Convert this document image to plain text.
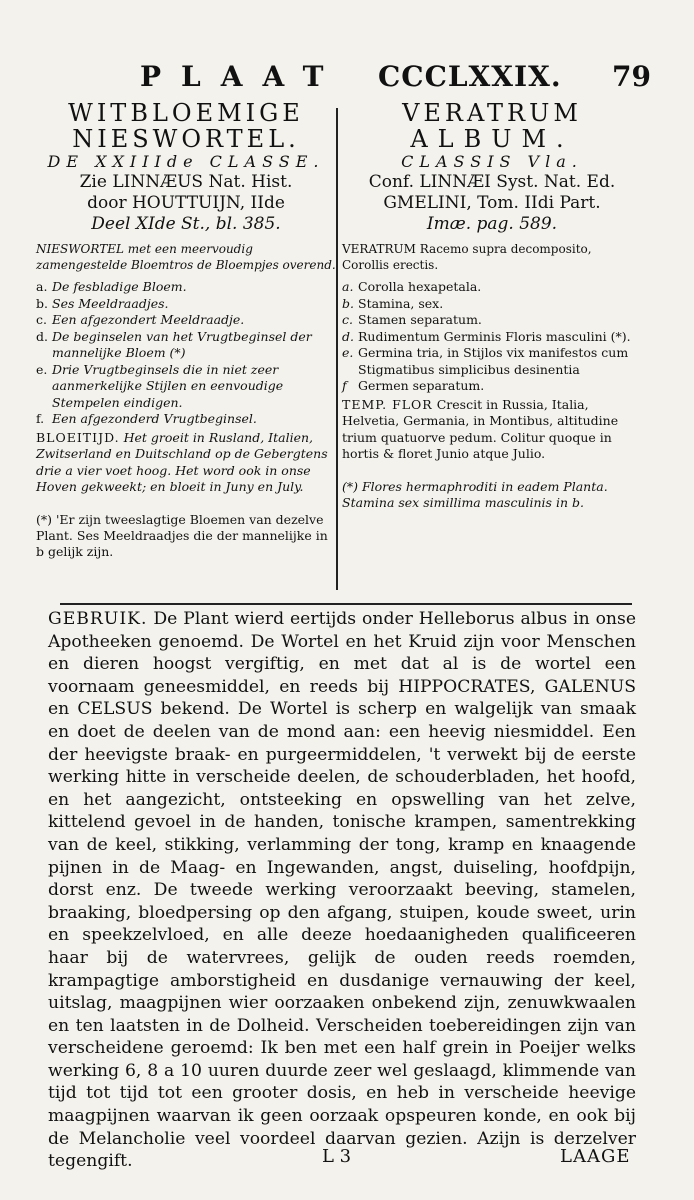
PLAAT CCCLXXIX. 79
WITBLOEMIGE
NIESWORTEL.
DE XXIIIde CLASSE.
Zie LINNÆUS Nat. Hist.
door HOUTTUIJN, IIde
Deel XIde St., bl. 385.
NIESWORTEL met een meervoudig zamengestelde Bloemtros de Bloempjes overend.
a. De fesbladige Bloem.
b. Ses Meeldraadjes.
c. Een afgezondert Meeldraadje.
d. De beginselen van het Vrugtbeginsel der mannelijke Bloem (*)
e. Drie Vrugtbeginsels die in niet zeer aanmerkelijke Stijlen en eenvoudige Stempelen eindigen.
f. Een afgezonderd Vrugtbeginsel.
BLOEITIJD. Het groeit in Rusland, Italien, Zwitserland en Duitschland op de Gebergtens drie a vier voet hoog. Het word ook in onse Hoven gekweekt; en bloeit in Juny en July.
(*) 'Er zijn tweeslagtige Bloemen van dezelve Plant. Ses Meeldraadjes die der mannelijke in b gelijk zijn.
VERATRUM
ALBUM.
CLASSIS Vla.
Conf. LINNÆI Syst. Nat. Ed.
GMELINI, Tom. IIdi Part.
Imæ. pag. 589.
VERATRUM Racemo supra decomposito, Corollis erectis.
a. Corolla hexapetala.
b. Stamina, sex.
c. Stamen separatum.
d. Rudimentum Germinis Floris masculini (*).
e. Germina tria, in Stijlos vix manifestos cum Stigmatibus simplicibus desinentia
f Germen separatum.
TEMP. FLOR Crescit in Russia, Italia, Helvetia, Germania, in Montibus, altitudine trium quatuorve pedum. Colitur quoque in hortis & floret Junio atque Julio.
(*) Flores hermaphroditi in eadem Planta. Stamina sex simillima masculinis in b.

GEBRUIK. De Plant wierd eertijds onder Helleborus albus in onse Apotheeken genoemd. De Wortel en het Kruid zijn voor Menschen en dieren hoogst vergiftig, en met dat al is de wortel een voornaam geneesmiddel, en reeds bij HIPPOCRATES, GALENUS en CELSUS bekend. De Wortel is scherp en walgelijk van smaak en doet de deelen van de mond aan: een heevig niesmiddel. Een der heevigste braak- en purgeermiddelen, 't verwekt bij de eerste werking hitte in verscheide deelen, de schouderbladen, het hoofd, en het aangezicht, ontsteeking en opswelling van het zelve, kittelend gevoel in de handen, tonische krampen, samentrekking van de keel, stikking, verlamming der tong, kramp en knaagende pijnen in de Maag- en Ingewanden, angst, duiseling, hoofdpijn, dorst enz. De tweede werking veroorzaakt beeving, stamelen, braaking, bloedpersing op den afgang, stuipen, koude sweet, urin en speekzelvloed, en alle deeze hoedaanigheden qualificeeren haar bij de watervrees, gelijk de ouden reeds roemden, krampagtige amborstigheid en dusdanige vernauwing der keel, uitslag, maagpijnen wier oorzaaken onbekend zijn, zenuwkwaalen en ten laatsten in de Dolheid. Verscheiden toebereidingen zijn van verscheidene geroemd: Ik ben met een half grein in Poeijer welks werking 6, 8 a 10 uuren duurde zeer wel geslaagd, klimmende van tijd tot tijd tot een grooter dosis, en heb in verscheide heevige maagpijnen waarvan ik geen oorzaak opspeuren konde, en ook bij de Melancholie veel voordeel daarvan gezien. Azijn is derzelver tegengift.	L 3	LAAGE
